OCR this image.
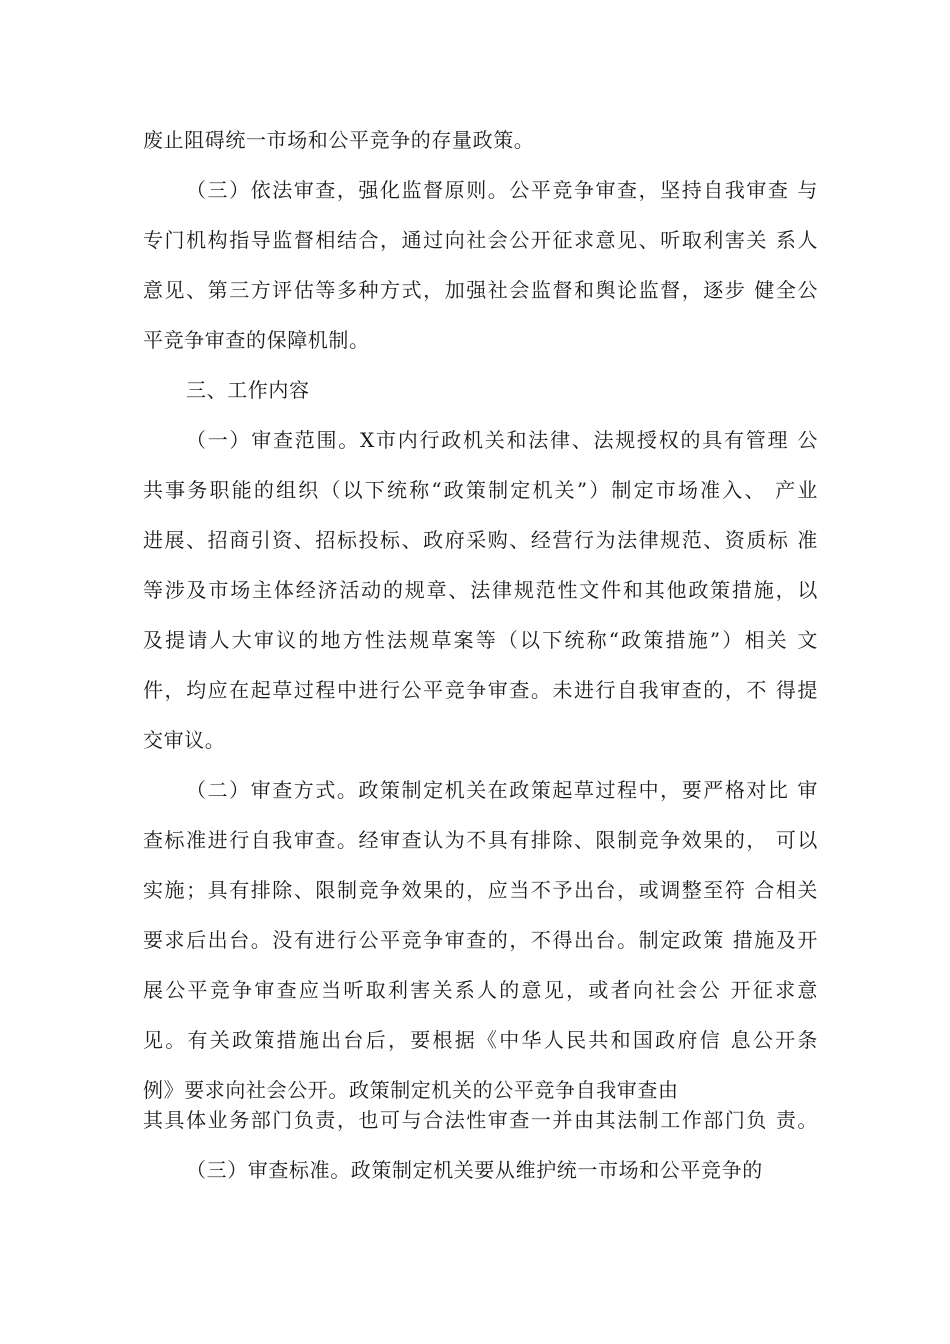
废止阻碍统一市场和公平竞争的存量政策。

（三）依法审查，强化监督原则。公平竞争审查，坚持自我审查 与

专门机构指导监督相结合，通过向社会公开征求意见、听取利害关 系人

意见、第三方评估等多种方式，加强社会监督和舆论监督，逐步 健全公

平竞争审查的保障机制。

三、工作内容

（一）审查范围。X市内行政机关和法律、法规授权的具有管理 公

共事务职能的组织（以下统称“政策制定机关”）制定市场准入、 产业

进展、招商引资、招标投标、政府采购、经营行为法律规范、资质标 准

等涉及市场主体经济活动的规章、法律规范性文件和其他政策措施，以

及提请人大审议的地方性法规草案等（以下统称“政策措施”）相关 文

件，均应在起草过程中进行公平竞争审查。未进行自我审查的，不 得提

交审议。

（二）审查方式。政策制定机关在政策起草过程中，要严格对比 审

查标准进行自我审查。经审查认为不具有排除、限制竞争效果的， 可以

实施；具有排除、限制竞争效果的，应当不予出台，或调整至符 合相关

要求后出台。没有进行公平竞争审查的，不得出台。制定政策 措施及开

展公平竞争审查应当听取利害关系人的意见，或者向社会公 开征求意

见。有关政策措施出台后，要根据《中华人民共和国政府信 息公开条

例》要求向社会公开。政策制定机关的公平竞争自我审查由

其具体业务部门负责，也可与合法性审查一并由其法制工作部门负 责。

（三）审查标准。政策制定机关要从维护统一市场和公平竞争的
